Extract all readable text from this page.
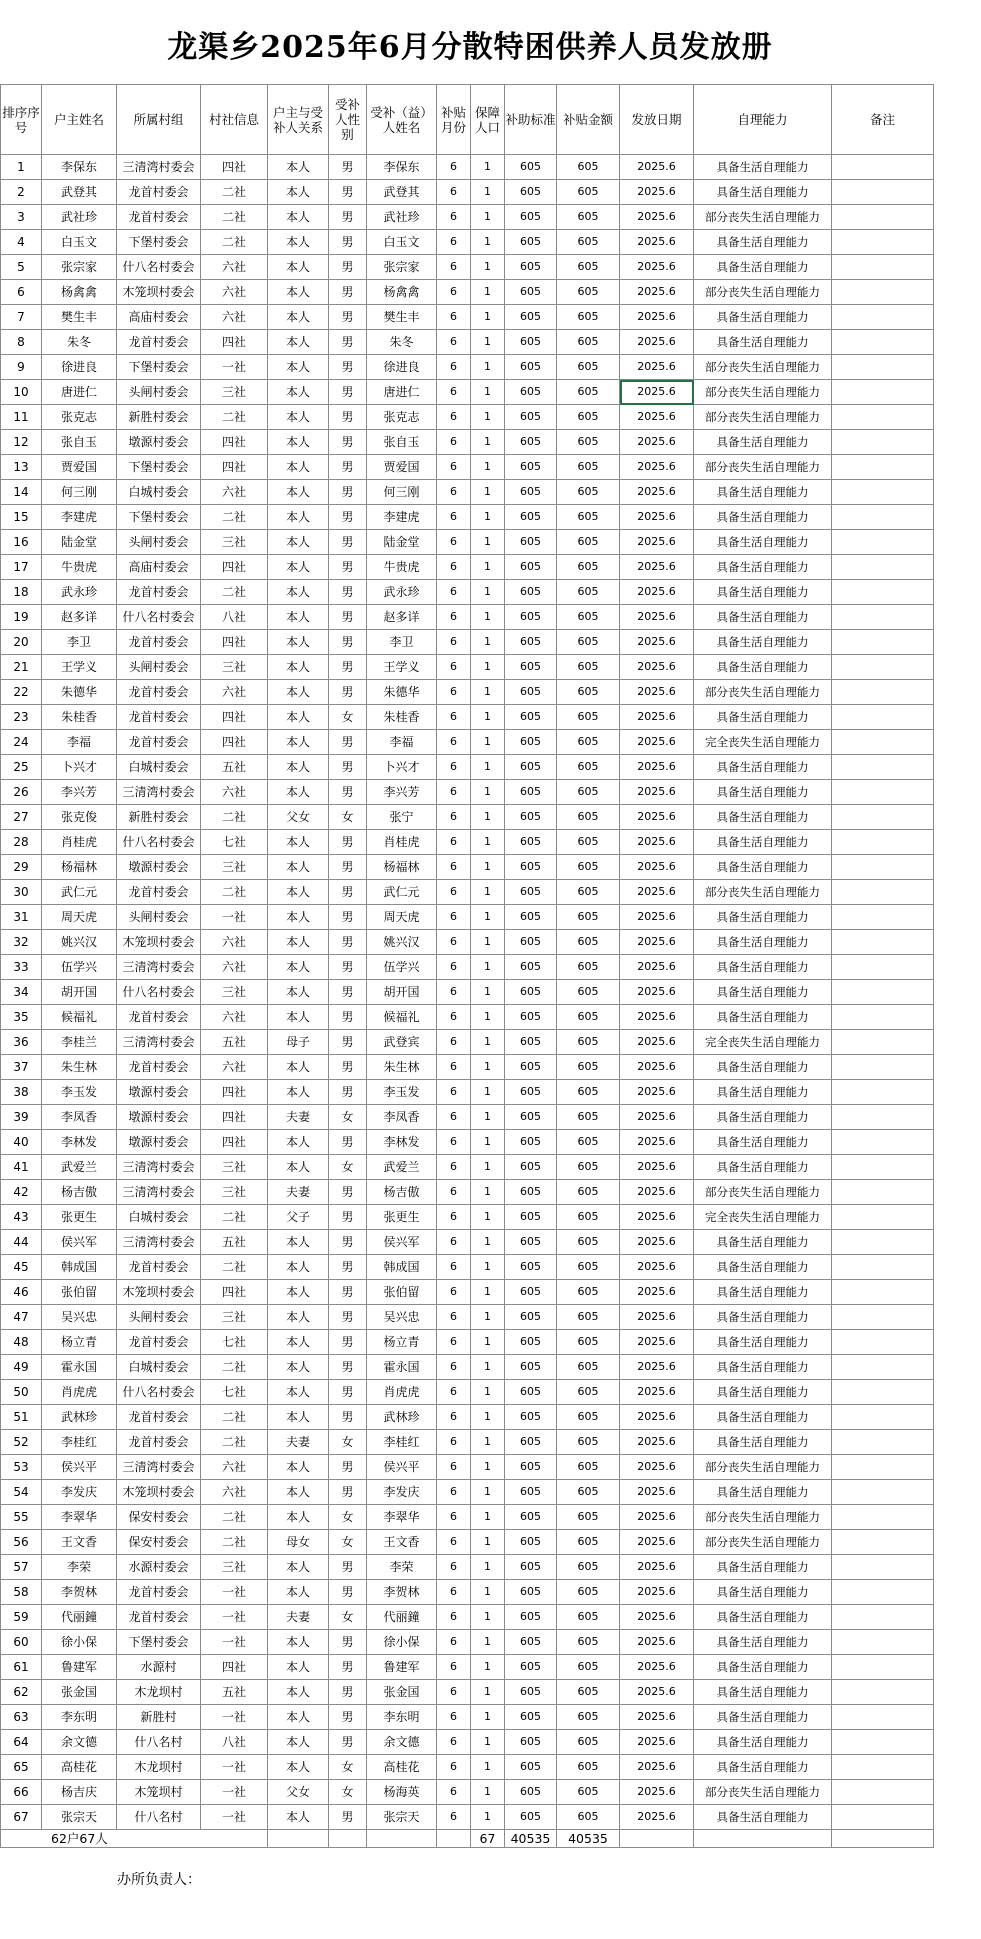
龙渠乡2025年6月分散特困供养人员发放册
排序序号	户主姓名	所属村组	村社信息	户主与受补人关系	受补人性别	受补（益）人姓名	补贴月份	保障人口	补助标准	补贴金额	发放日期	自理能力	备注
1	李保东	三清湾村委会	四社	本人	男	李保东	6	1	605	605	2025.6	具备生活自理能力	
2	武登其	龙首村委会	二社	本人	男	武登其	6	1	605	605	2025.6	具备生活自理能力	
3	武社珍	龙首村委会	二社	本人	男	武社珍	6	1	605	605	2025.6	部分丧失生活自理能力	
4	白玉文	下堡村委会	二社	本人	男	白玉文	6	1	605	605	2025.6	具备生活自理能力	
5	张宗家	什八名村委会	六社	本人	男	张宗家	6	1	605	605	2025.6	具备生活自理能力	
6	杨禽禽	木笼坝村委会	六社	本人	男	杨禽禽	6	1	605	605	2025.6	部分丧失生活自理能力	
7	樊生丰	高庙村委会	六社	本人	男	樊生丰	6	1	605	605	2025.6	具备生活自理能力	
8	朱冬	龙首村委会	四社	本人	男	朱冬	6	1	605	605	2025.6	具备生活自理能力	
9	徐进良	下堡村委会	一社	本人	男	徐进良	6	1	605	605	2025.6	部分丧失生活自理能力	
10	唐进仁	头闸村委会	三社	本人	男	唐进仁	6	1	605	605	2025.6	部分丧失生活自理能力	
11	张克志	新胜村委会	二社	本人	男	张克志	6	1	605	605	2025.6	部分丧失生活自理能力	
12	张自玉	墩源村委会	四社	本人	男	张自玉	6	1	605	605	2025.6	具备生活自理能力	
13	贾爱国	下堡村委会	四社	本人	男	贾爱国	6	1	605	605	2025.6	部分丧失生活自理能力	
14	何三刚	白城村委会	六社	本人	男	何三刚	6	1	605	605	2025.6	具备生活自理能力	
15	李建虎	下堡村委会	二社	本人	男	李建虎	6	1	605	605	2025.6	具备生活自理能力	
16	陆金堂	头闸村委会	三社	本人	男	陆金堂	6	1	605	605	2025.6	具备生活自理能力	
17	牛贵虎	高庙村委会	四社	本人	男	牛贵虎	6	1	605	605	2025.6	具备生活自理能力	
18	武永珍	龙首村委会	二社	本人	男	武永珍	6	1	605	605	2025.6	具备生活自理能力	
19	赵多详	什八名村委会	八社	本人	男	赵多详	6	1	605	605	2025.6	具备生活自理能力	
20	李卫	龙首村委会	四社	本人	男	李卫	6	1	605	605	2025.6	具备生活自理能力	
21	王学义	头闸村委会	三社	本人	男	王学义	6	1	605	605	2025.6	具备生活自理能力	
22	朱德华	龙首村委会	六社	本人	男	朱德华	6	1	605	605	2025.6	部分丧失生活自理能力	
23	朱桂香	龙首村委会	四社	本人	女	朱桂香	6	1	605	605	2025.6	具备生活自理能力	
24	李福	龙首村委会	四社	本人	男	李福	6	1	605	605	2025.6	完全丧失生活自理能力	
25	卜兴才	白城村委会	五社	本人	男	卜兴才	6	1	605	605	2025.6	具备生活自理能力	
26	李兴芳	三清湾村委会	六社	本人	男	李兴芳	6	1	605	605	2025.6	具备生活自理能力	
27	张克俊	新胜村委会	二社	父女	女	张宁	6	1	605	605	2025.6	具备生活自理能力	
28	肖桂虎	什八名村委会	七社	本人	男	肖桂虎	6	1	605	605	2025.6	具备生活自理能力	
29	杨福林	墩源村委会	三社	本人	男	杨福林	6	1	605	605	2025.6	具备生活自理能力	
30	武仁元	龙首村委会	二社	本人	男	武仁元	6	1	605	605	2025.6	部分丧失生活自理能力	
31	周天虎	头闸村委会	一社	本人	男	周天虎	6	1	605	605	2025.6	具备生活自理能力	
32	姚兴汉	木笼坝村委会	六社	本人	男	姚兴汉	6	1	605	605	2025.6	具备生活自理能力	
33	伍学兴	三清湾村委会	六社	本人	男	伍学兴	6	1	605	605	2025.6	具备生活自理能力	
34	胡开国	什八名村委会	三社	本人	男	胡开国	6	1	605	605	2025.6	具备生活自理能力	
35	候福礼	龙首村委会	六社	本人	男	候福礼	6	1	605	605	2025.6	具备生活自理能力	
36	李桂兰	三清湾村委会	五社	母子	男	武登宾	6	1	605	605	2025.6	完全丧失生活自理能力	
37	朱生林	龙首村委会	六社	本人	男	朱生林	6	1	605	605	2025.6	具备生活自理能力	
38	李玉发	墩源村委会	四社	本人	男	李玉发	6	1	605	605	2025.6	具备生活自理能力	
39	李凤香	墩源村委会	四社	夫妻	女	李凤香	6	1	605	605	2025.6	具备生活自理能力	
40	李林发	墩源村委会	四社	本人	男	李林发	6	1	605	605	2025.6	具备生活自理能力	
41	武爱兰	三清湾村委会	三社	本人	女	武爱兰	6	1	605	605	2025.6	具备生活自理能力	
42	杨吉傲	三清湾村委会	三社	夫妻	男	杨吉傲	6	1	605	605	2025.6	部分丧失生活自理能力	
43	张更生	白城村委会	二社	父子	男	张更生	6	1	605	605	2025.6	完全丧失生活自理能力	
44	侯兴军	三清湾村委会	五社	本人	男	侯兴军	6	1	605	605	2025.6	具备生活自理能力	
45	韩成国	龙首村委会	二社	本人	男	韩成国	6	1	605	605	2025.6	具备生活自理能力	
46	张伯留	木笼坝村委会	四社	本人	男	张伯留	6	1	605	605	2025.6	具备生活自理能力	
47	吴兴忠	头闸村委会	三社	本人	男	吴兴忠	6	1	605	605	2025.6	具备生活自理能力	
48	杨立青	龙首村委会	七社	本人	男	杨立青	6	1	605	605	2025.6	具备生活自理能力	
49	霍永国	白城村委会	二社	本人	男	霍永国	6	1	605	605	2025.6	具备生活自理能力	
50	肖虎虎	什八名村委会	七社	本人	男	肖虎虎	6	1	605	605	2025.6	具备生活自理能力	
51	武林珍	龙首村委会	二社	本人	男	武林珍	6	1	605	605	2025.6	具备生活自理能力	
52	李桂红	龙首村委会	二社	夫妻	女	李桂红	6	1	605	605	2025.6	具备生活自理能力	
53	侯兴平	三清湾村委会	六社	本人	男	侯兴平	6	1	605	605	2025.6	部分丧失生活自理能力	
54	李发庆	木笼坝村委会	六社	本人	男	李发庆	6	1	605	605	2025.6	具备生活自理能力	
55	李翠华	保安村委会	二社	本人	女	李翠华	6	1	605	605	2025.6	部分丧失生活自理能力	
56	王文香	保安村委会	二社	母女	女	王文香	6	1	605	605	2025.6	部分丧失生活自理能力	
57	李荣	水源村委会	三社	本人	男	李荣	6	1	605	605	2025.6	具备生活自理能力	
58	李贺林	龙首村委会	一社	本人	男	李贺林	6	1	605	605	2025.6	具备生活自理能力	
59	代丽鐘	龙首村委会	一社	夫妻	女	代丽鐘	6	1	605	605	2025.6	具备生活自理能力	
60	徐小保	下堡村委会	一社	本人	男	徐小保	6	1	605	605	2025.6	具备生活自理能力	
61	鲁建军	水源村	四社	本人	男	鲁建军	6	1	605	605	2025.6	具备生活自理能力	
62	张金国	木龙坝村	五社	本人	男	张金国	6	1	605	605	2025.6	具备生活自理能力	
63	李东明	新胜村	一社	本人	男	李东明	6	1	605	605	2025.6	具备生活自理能力	
64	余文德	什八名村	八社	本人	男	余文德	6	1	605	605	2025.6	具备生活自理能力	
65	高桂花	木龙坝村	一社	本人	女	高桂花	6	1	605	605	2025.6	具备生活自理能力	
66	杨吉庆	木笼坝村	一社	父女	女	杨海英	6	1	605	605	2025.6	部分丧失生活自理能力	
67	张宗天	什八名村	一社	本人	男	张宗天	6	1	605	605	2025.6	具备生活自理能力	
62户67人								67	40535	40535			
办所负责人：
